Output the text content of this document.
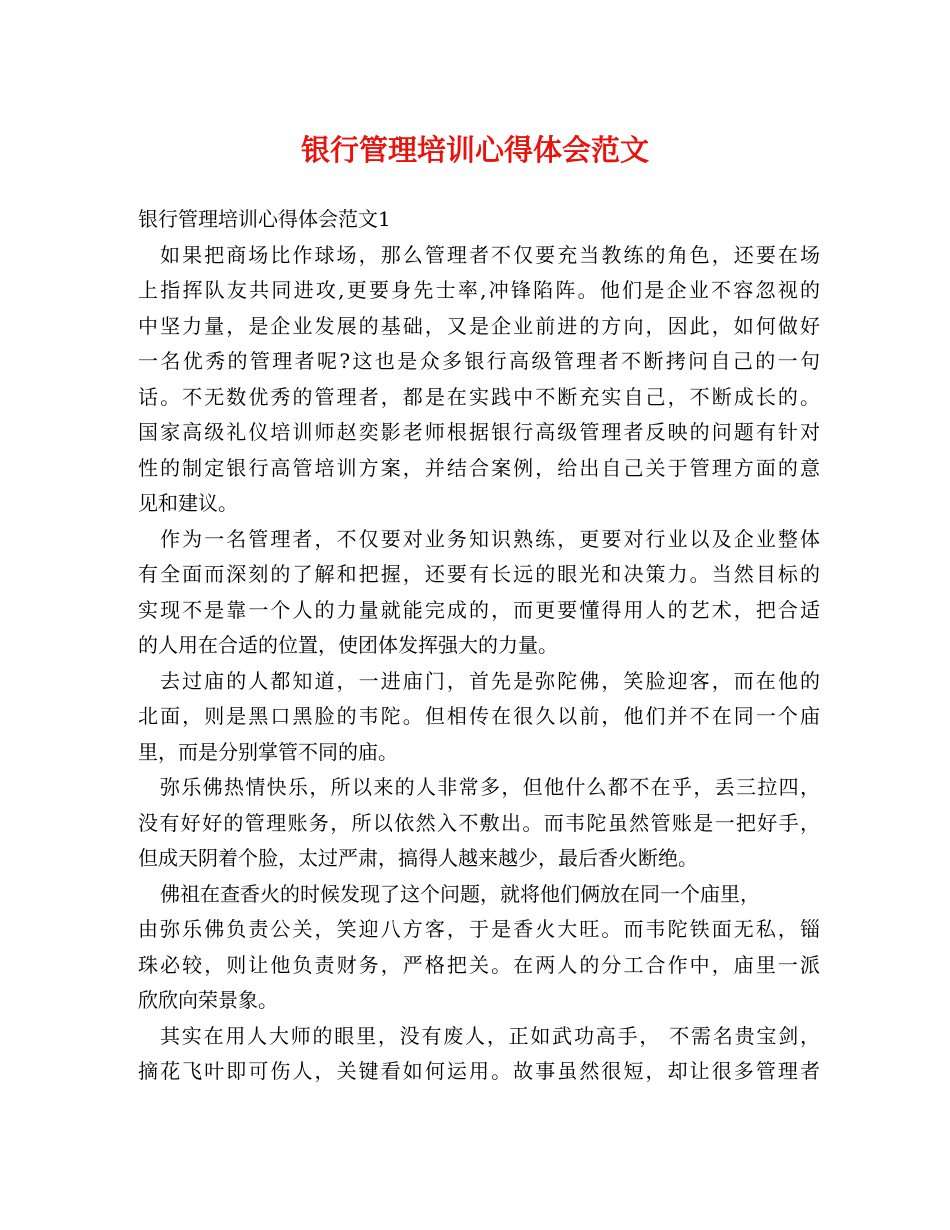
银行管理培训心得体会范文
银行管理培训心得体会范文1
如果把商场比作球场，那么管理者不仅要充当教练的角色，还要在场
上指挥队友共同进攻,更要身先士率,冲锋陷阵。他们是企业不容忽视的
中坚力量，是企业发展的基础，又是企业前进的方向，因此，如何做好
一名优秀的管理者呢?这也是众多银行高级管理者不断拷问自己的一句
话。不无数优秀的管理者，都是在实践中不断充实自己，不断成长的。
国家高级礼仪培训师赵奕影老师根据银行高级管理者反映的问题有针对
性的制定银行高管培训方案，并结合案例，给出自己关于管理方面的意
见和建议。
作为一名管理者，不仅要对业务知识熟练，更要对行业以及企业整体
有全面而深刻的了解和把握，还要有长远的眼光和决策力。当然目标的
实现不是靠一个人的力量就能完成的，而更要懂得用人的艺术，把合适
的人用在合适的位置，使团体发挥强大的力量。
去过庙的人都知道，一进庙门，首先是弥陀佛，笑脸迎客，而在他的
北面，则是黑口黑脸的韦陀。但相传在很久以前，他们并不在同一个庙
里，而是分别掌管不同的庙。
弥乐佛热情快乐，所以来的人非常多，但他什么都不在乎，丢三拉四，
没有好好的管理账务，所以依然入不敷出。而韦陀虽然管账是一把好手，
但成天阴着个脸，太过严肃，搞得人越来越少，最后香火断绝。
佛祖在查香火的时候发现了这个问题，就将他们俩放在同一个庙里，
由弥乐佛负责公关，笑迎八方客，于是香火大旺。而韦陀铁面无私，锱
珠必较，则让他负责财务，严格把关。在两人的分工合作中，庙里一派
欣欣向荣景象。
其实在用人大师的眼里，没有废人，正如武功高手， 不需名贵宝剑，
摘花飞叶即可伤人，关键看如何运用。故事虽然很短，却让很多管理者
